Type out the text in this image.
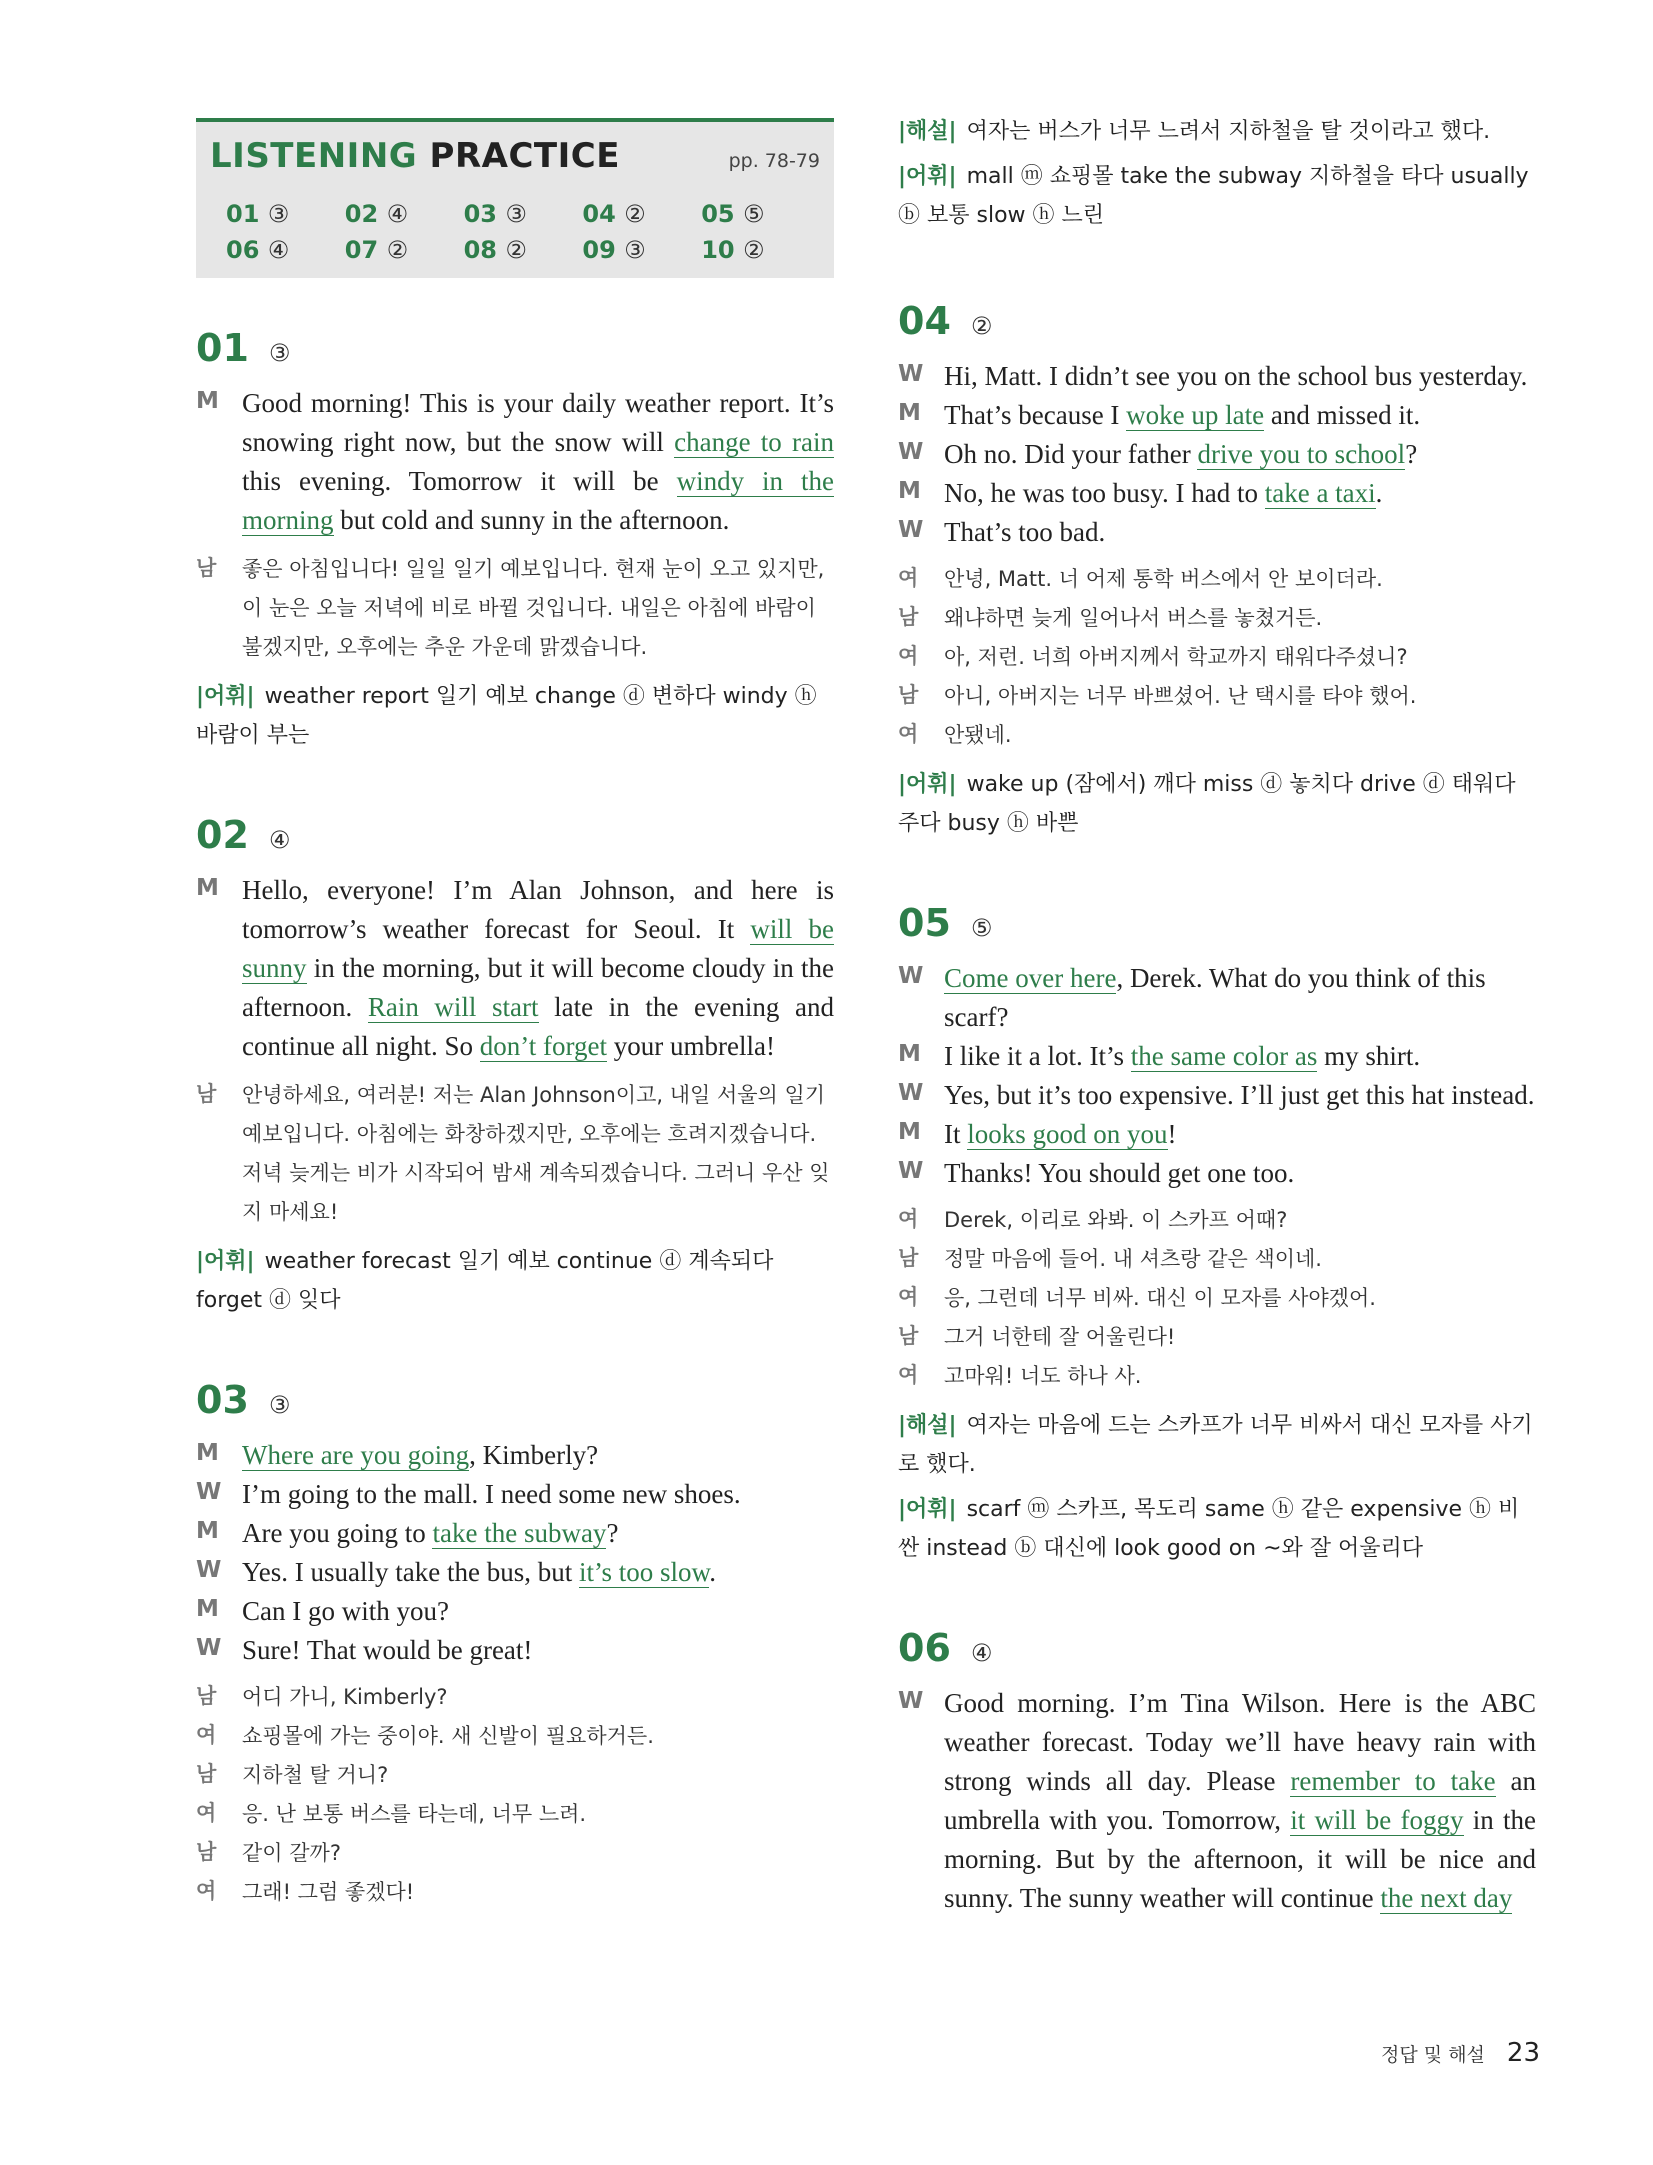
LISTENING PRACTICE	pp. 78-79
01 ③	02 ④	03 ③	04 ②	05 ⑤
06 ④	07 ②	08 ②	09 ③	10 ②
01 ③
M Good morning! This is your daily weather report. It’s snowing right now, but the snow will change to rain this evening. Tomorrow it will be windy in the morning but cold and sunny in the afternoon.
남	좋은 아침입니다! 일일 일기 예보입니다. 현재 눈이 오고 있지만, 이 눈은 오늘 저녁에 비로 바뀔 것입니다. 내일은 아침에 바람이 불겠지만, 오후에는 추운 가운데 맑겠습니다.
|어휘| weather report 일기 예보 change ⓓ 변하다 windy ⓗ 바람이 부는
02 ④
M Hello, everyone! I’m Alan Johnson, and here is tomorrow’s weather forecast for Seoul. It will be sunny in the morning, but it will become cloudy in the afternoon. Rain will start late in the evening and continue all night. So don’t forget your umbrella!
남	안녕하세요, 여러분! 저는 Alan Johnson이고, 내일 서울의 일기 예보입니다. 아침에는 화창하겠지만, 오후에는 흐려지겠습니다. 저녁 늦게는 비가 시작되어 밤새 계속되겠습니다. 그러니 우산 잊지 마세요!
|어휘| weather forecast 일기 예보 continue ⓓ 계속되다 forget ⓓ 잊다
03 ③
M Where are you going, Kimberly?
W I’m going to the mall. I need some new shoes.
M Are you going to take the subway?
W Yes. I usually take the bus, but it’s too slow.
M Can I go with you?
W Sure! That would be great!
남	어디 가니, Kimberly?
여	쇼핑몰에 가는 중이야. 새 신발이 필요하거든.
남	지하철 탈 거니?
여	응. 난 보통 버스를 타는데, 너무 느려.
남	같이 갈까?
여	그래! 그럼 좋겠다!
|해설| 여자는 버스가 너무 느려서 지하철을 탈 것이라고 했다.
|어휘| mall ⓜ 쇼핑몰 take the subway 지하철을 타다 usually ⓑ 보통 slow ⓗ 느린
04 ②
W Hi, Matt. I didn’t see you on the school bus yesterday.
M That’s because I woke up late and missed it.
W Oh no. Did your father drive you to school?
M No, he was too busy. I had to take a taxi.
W That’s too bad.
여	안녕, Matt. 너 어제 통학 버스에서 안 보이더라.
남	왜냐하면 늦게 일어나서 버스를 놓쳤거든.
여	아, 저런. 너희 아버지께서 학교까지 태워다주셨니?
남	아니, 아버지는 너무 바쁘셨어. 난 택시를 타야 했어.
여	안됐네.
|어휘| wake up (잠에서) 깨다 miss ⓓ 놓치다 drive ⓓ 태워다 주다 busy ⓗ 바쁜
05 ⑤
W Come over here, Derek. What do you think of this scarf?
M I like it a lot. It’s the same color as my shirt.
W Yes, but it’s too expensive. I’ll just get this hat instead.
M It looks good on you!
W Thanks! You should get one too.
여	Derek, 이리로 와봐. 이 스카프 어때?
남	정말 마음에 들어. 내 셔츠랑 같은 색이네.
여	응, 그런데 너무 비싸. 대신 이 모자를 사야겠어.
남	그거 너한테 잘 어울린다!
여	고마워! 너도 하나 사.
|해설| 여자는 마음에 드는 스카프가 너무 비싸서 대신 모자를 사기로 했다.
|어휘| scarf ⓜ 스카프, 목도리 same ⓗ 같은 expensive ⓗ 비싼 instead ⓑ 대신에 look good on ~와 잘 어울리다
06 ④
W Good morning. I’m Tina Wilson. Here is the ABC weather forecast. Today we’ll have heavy rain with strong winds all day. Please remember to take an umbrella with you. Tomorrow, it will be foggy in the morning. But by the afternoon, it will be nice and sunny. The sunny weather will continue the next day
정답 및 해설 23
